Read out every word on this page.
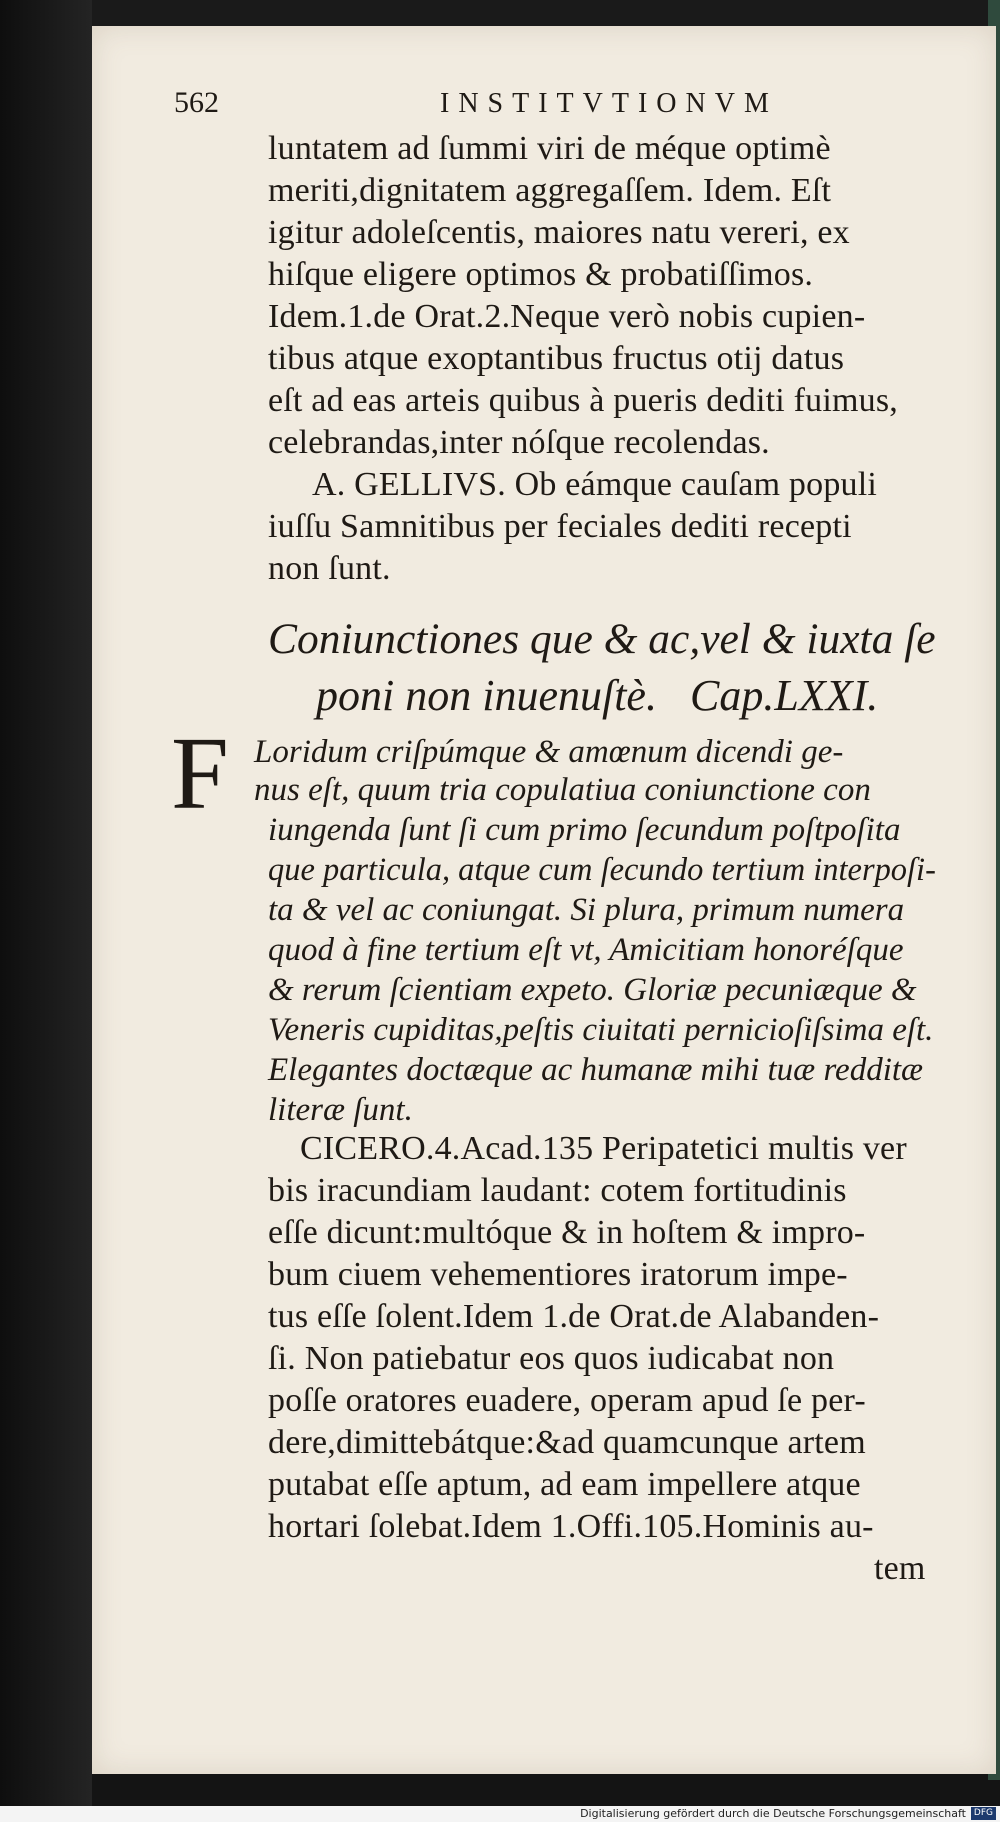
562	INSTITVTIONVM

luntatem ad ſummi viri de méque optimè

meriti,dignitatem aggregaſſem. Idem. Eſt

igitur adoleſcentis, maiores natu vereri, ex

hiſque eligere optimos & probatiſſimos.

Idem.1.de Orat.2.Neque verò nobis cupien-

tibus atque exoptantibus fructus otij datus

eſt ad eas arteis quibus à pueris dediti fuimus,

celebrandas,inter nóſque recolendas.

A. GELLIVS. Ob eámque cauſam populi

iuſſu Samnitibus per feciales dediti recepti

non ſunt.

Coniunctiones que & ac,vel & iuxta ſe

poni non inuenuſtè. Cap.LXXI.

F Loridum criſpúmque & amœnum dicendi ge-

nus eſt, quum tria copulatiua coniunctione con

iungenda ſunt ſi cum primo ſecundum poſtpoſita

que particula, atque cum ſecundo tertium interpoſi-

ta & vel ac coniungat. Si plura, primum numera

quod à fine tertium eſt vt, Amicitiam honoréſque

& rerum ſcientiam expeto. Gloriæ pecuniæque &

Veneris cupiditas,peſtis ciuitati pernicioſiſsima eſt.

Elegantes doctæque ac humanæ mihi tuæ redditæ

literæ ſunt.

CICERO.4.Acad.135 Peripatetici multis ver

bis iracundiam laudant: cotem fortitudinis

eſſe dicunt:multóque & in hoſtem & impro-

bum ciuem vehementiores iratorum impe-

tus eſſe ſolent.Idem 1.de Orat.de Alabanden-

ſi. Non patiebatur eos quos iudicabat non

poſſe oratores euadere, operam apud ſe per-

dere,dimittebátque:&ad quamcunque artem

putabat eſſe aptum, ad eam impellere atque

hortari ſolebat.Idem 1.Offi.105.Hominis au-

tem

Digitalisierung gefördert durch die Deutsche Forschungsgemeinschaft DFG
